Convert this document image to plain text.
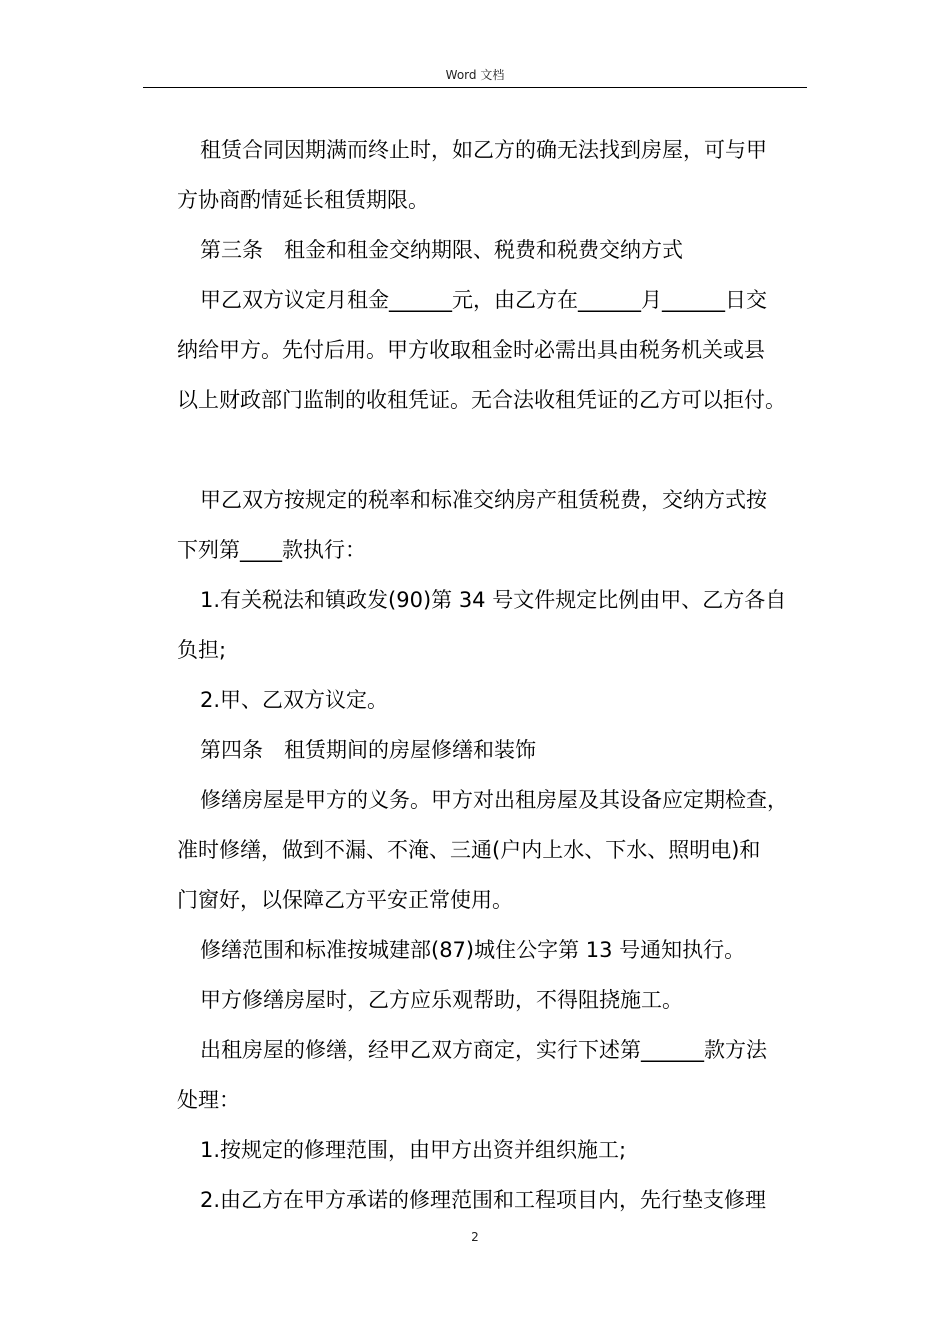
Word 文档

租赁合同因期满而终止时，如乙方的确无法找到房屋，可与甲

方协商酌情延长租赁期限。

第三条　租金和租金交纳期限、税费和税费交纳方式

甲乙双方议定月租金______元，由乙方在______月______日交

纳给甲方。先付后用。甲方收取租金时必需出具由税务机关或县

以上财政部门监制的收租凭证。无合法收租凭证的乙方可以拒付。

甲乙双方按规定的税率和标准交纳房产租赁税费，交纳方式按

下列第____款执行：

1.有关税法和镇政发(90)第 34 号文件规定比例由甲、乙方各自

负担;

2.甲、乙双方议定。

第四条　租赁期间的房屋修缮和装饰

修缮房屋是甲方的义务。甲方对出租房屋及其设备应定期检查，

准时修缮，做到不漏、不淹、三通(户内上水、下水、照明电)和

门窗好，以保障乙方平安正常使用。

修缮范围和标准按城建部(87)城住公字第 13 号通知执行。

甲方修缮房屋时，乙方应乐观帮助，不得阻挠施工。

出租房屋的修缮，经甲乙双方商定，实行下述第______款方法

处理：

1.按规定的修理范围，由甲方出资并组织施工;

2.由乙方在甲方承诺的修理范围和工程项目内，先行垫支修理

2
